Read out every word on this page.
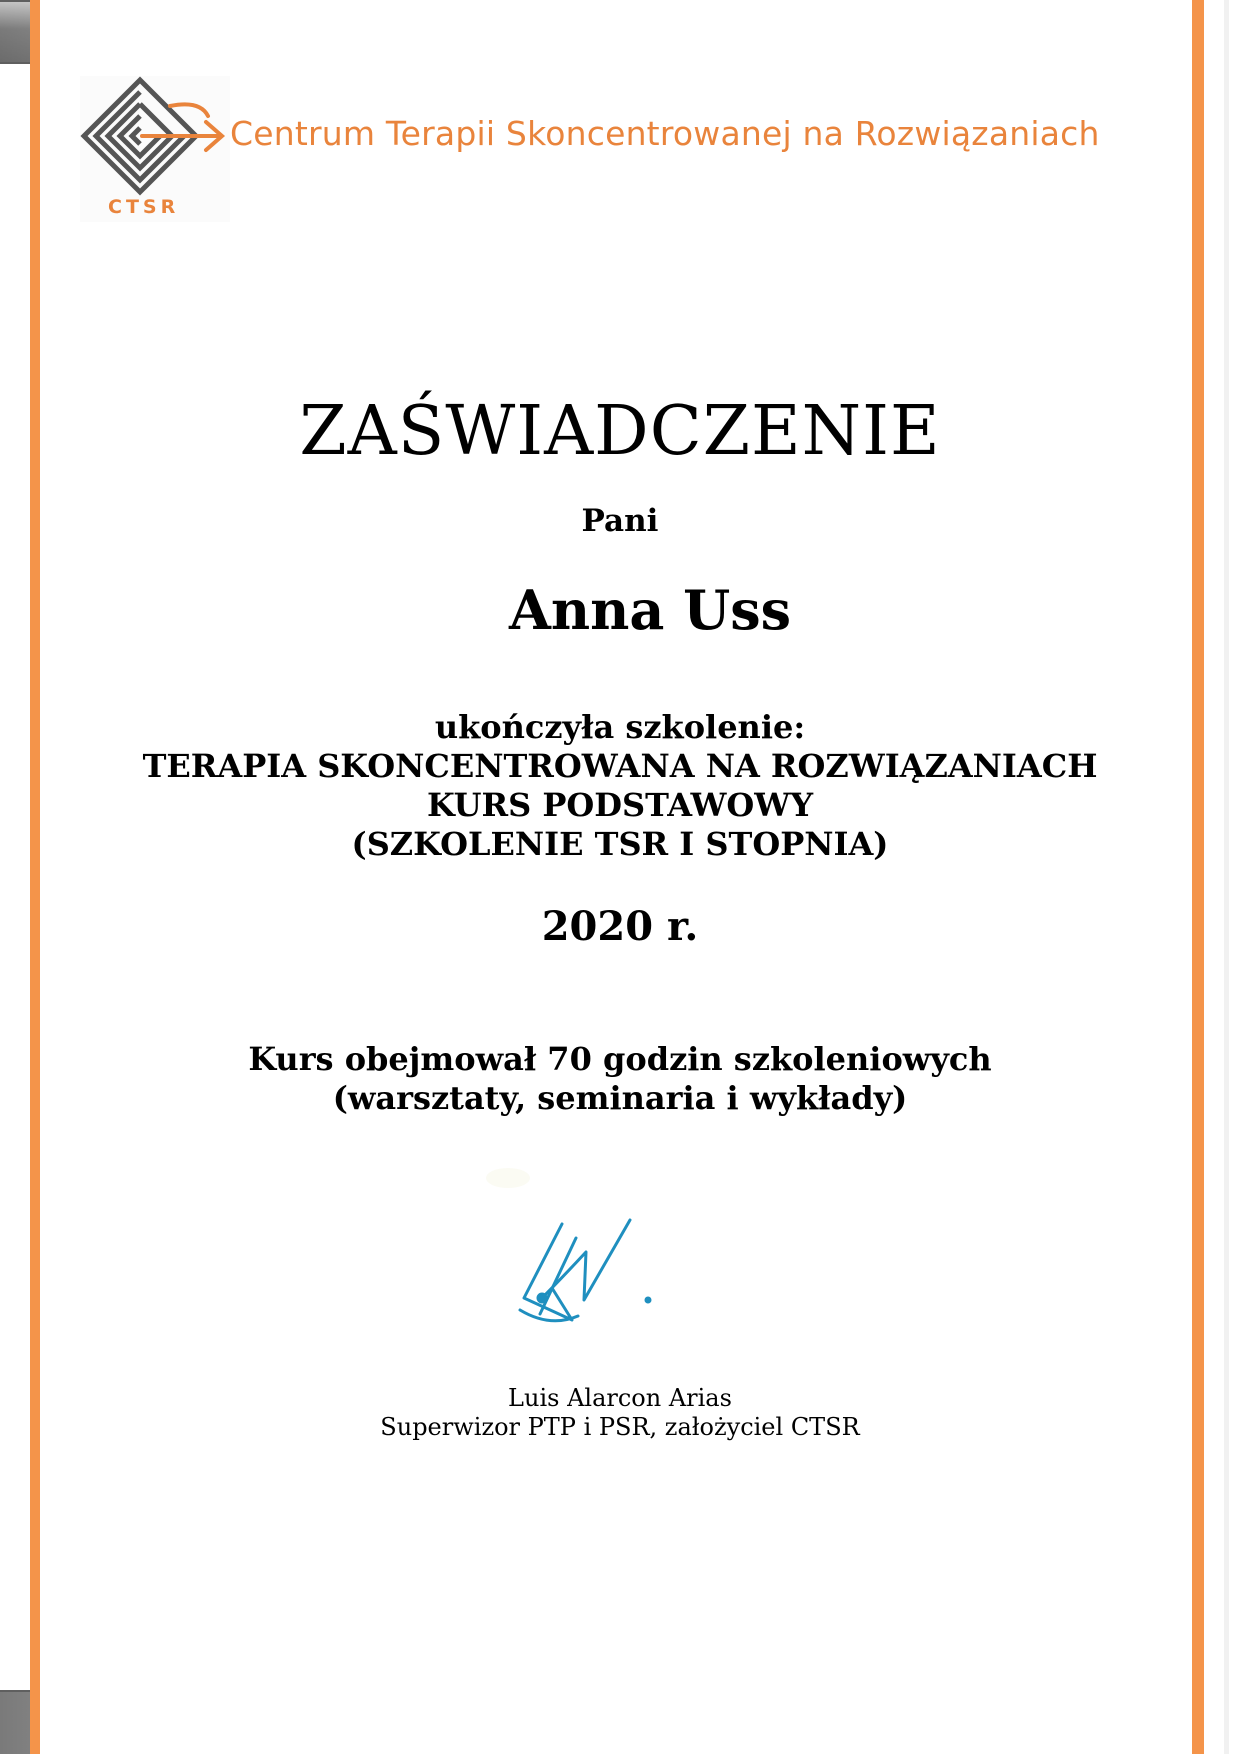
CTSR
Centrum Terapii Skoncentrowanej na Rozwiązaniach
ZAŚWIADCZENIE
Pani
Anna Uss
ukończyła szkolenie:
TERAPIA SKONCENTROWANA NA ROZWIĄZANIACH
KURS PODSTAWOWY
(SZKOLENIE TSR I STOPNIA)
2020 r.
Kurs obejmował 70 godzin szkoleniowych
(warsztaty, seminaria i wykłady)
Luis Alarcon Arias
Superwizor PTP i PSR, założyciel CTSR
